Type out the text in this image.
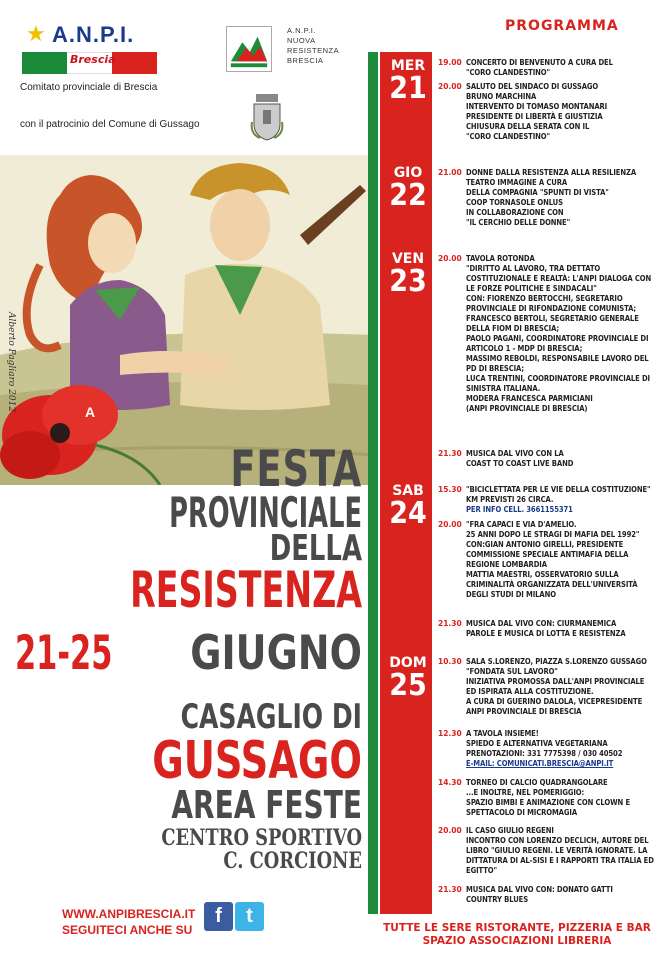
★ A.N.P.I.
Brescia
Comitato provinciale di Brescia
A.N.P.I.
NUOVA
RESISTENZA
BRESCIA
con il patrocinio del Comune di Gussago
A
Alberto Pagliaro 2012
FESTA
PROVINCIALE
DELLA
RESISTENZA
21-25	GIUGNO
CASAGLIO DI
GUSSAGO
AREA FESTE
CENTRO SPORTIVO
C. CORCIONE
WWW.ANPIBRESCIA.IT
SEGUITECI ANCHE SU
f	t
PROGRAMMA
MER
21
GIO
22
VEN
23
SAB
24
DOM
25
19.00 CONCERTO DI BENVENUTO A CURA DEL
"CORO CLANDESTINO"
20.00 SALUTO DEL SINDACO DI GUSSAGO
BRUNO MARCHINA
INTERVENTO DI TOMASO MONTANARI
PRESIDENTE DI LIBERTÀ E GIUSTIZIA
CHIUSURA DELLA SERATA CON IL
"CORO CLANDESTINO"
21.00 DONNE DALLA RESISTENZA ALLA RESILIENZA
TEATRO IMMAGINE A CURA
DELLA COMPAGNIA "SPUNTI DI VISTA"
COOP TORNASOLE ONLUS
IN COLLABORAZIONE CON
"IL CERCHIO DELLE DONNE"
20.00 TAVOLA ROTONDA
"DIRITTO AL LAVORO, TRA DETTATO
COSTITUZIONALE E REALTÀ: L'ANPI DIALOGA CON
LE FORZE POLITICHE E SINDACALI"
CON: FIORENZO BERTOCCHI, SEGRETARIO
PROVINCIALE DI RIFONDAZIONE COMUNISTA;
FRANCESCO BERTOLI, SEGRETARIO GENERALE
DELLA FIOM DI BRESCIA;
PAOLO PAGANI, COORDINATORE PROVINCIALE DI
ARTICOLO 1 - MDP DI BRESCIA;
MASSIMO REBOLDI, RESPONSABILE LAVORO DEL
PD DI BRESCIA;
LUCA TRENTINI, COORDINATORE PROVINCIALE DI
SINISTRA ITALIANA.
MODERA FRANCESCA PARMICIANI
(ANPI PROVINCIALE DI BRESCIA)
21.30 MUSICA DAL VIVO CON LA
COAST TO COAST LIVE BAND
15.30 "BICICLETTATA PER LE VIE DELLA COSTITUZIONE"
KM PREVISTI 26 CIRCA.
PER INFO CELL. 3661155371
20.00 "FRA CAPACI E VIA D'AMELIO.
25 ANNI DOPO LE STRAGI DI MAFIA DEL 1992"
CON:GIAN ANTONIO GIRELLI, PRESIDENTE
COMMISSIONE SPECIALE ANTIMAFIA DELLA
REGIONE LOMBARDIA
MATTIA MAESTRI, OSSERVATORIO SULLA
CRIMINALITÀ ORGANIZZATA DELL'UNIVERSITÀ
DEGLI STUDI DI MILANO
21.30 MUSICA DAL VIVO CON: CIURMANEMICA
PAROLE E MUSICA DI LOTTA E RESISTENZA
10.30 SALA S.LORENZO, PIAZZA S.LORENZO GUSSAGO
"FONDATA SUL LAVORO"
INIZIATIVA PROMOSSA DALL'ANPI PROVINCIALE
ED ISPIRATA ALLA COSTITUZIONE.
A CURA DI GUERINO DALOLA, VICEPRESIDENTE
ANPI PROVINCIALE DI BRESCIA
12.30 A TAVOLA INSIEME!
SPIEDO E ALTERNATIVA VEGETARIANA
PRENOTAZIONI: 331 7775398 / 030 40502
E-MAIL: COMUNICATI.BRESCIA@ANPI.IT
14.30 TORNEO DI CALCIO QUADRANGOLARE
...E INOLTRE, NEL POMERIGGIO:
SPAZIO BIMBI E ANIMAZIONE CON CLOWN E
SPETTACOLO DI MICROMAGIA
20.00 IL CASO GIULIO REGENI
INCONTRO CON LORENZO DECLICH, AUTORE DEL
LIBRO "GIULIO REGENI. LE VERITÀ IGNORATE. LA
DITTATURA DI AL-SISI E I RAPPORTI TRA ITALIA ED
EGITTO"
21.30 MUSICA DAL VIVO CON: DONATO GATTI
COUNTRY BLUES
TUTTE LE SERE RISTORANTE, PIZZERIA E BAR
SPAZIO ASSOCIAZIONI LIBRERIA
